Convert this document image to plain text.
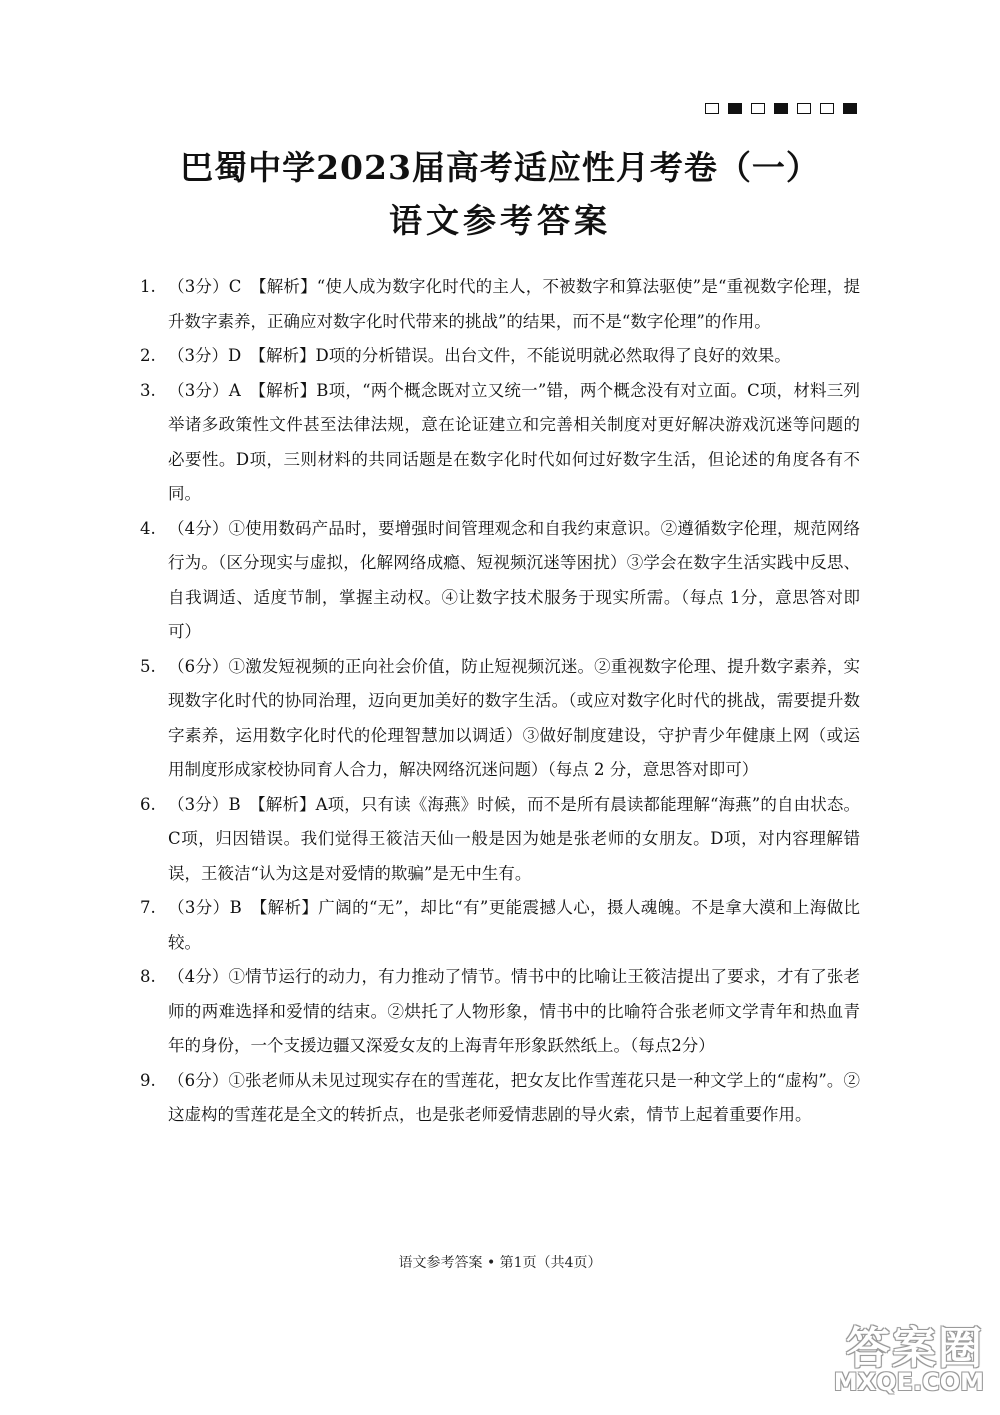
巴蜀中学2023届高考适应性月考卷（一）
语文参考答案
1. （3分）C　【解析】“使人成为数字化时代的主人，不被数字和算法驱使”是“重视数字伦理，提升数字素养，正确应对数字化时代带来的挑战”的结果，而不是“数字伦理”的作用。
2. （3分）D　【解析】D项的分析错误。出台文件，不能说明就必然取得了良好的效果。
3. （3分）A　【解析】B项，“两个概念既对立又统一”错，两个概念没有对立面。C项，材料三列举诸多政策性文件甚至法律法规，意在论证建立和完善相关制度对更好解决游戏沉迷等问题的必要性。D项，三则材料的共同话题是在数字化时代如何过好数字生活，但论述的角度各有不同。
4. （4分）①使用数码产品时，要增强时间管理观念和自我约束意识。②遵循数字伦理，规范网络行为。（区分现实与虚拟，化解网络成瘾、短视频沉迷等困扰）③学会在数字生活实践中反思、自我调适、适度节制，掌握主动权。④让数字技术服务于现实所需。（每点 1分，意思答对即可）
5. （6分）①激发短视频的正向社会价值，防止短视频沉迷。②重视数字伦理、提升数字素养，实现数字化时代的协同治理，迈向更加美好的数字生活。（或应对数字化时代的挑战，需要提升数字素养，运用数字化时代的伦理智慧加以调适）③做好制度建设，守护青少年健康上网（或运用制度形成家校协同育人合力，解决网络沉迷问题）（每点 2 分，意思答对即可）
6. （3分）B　【解析】A项，只有读《海燕》时候，而不是所有晨读都能理解“海燕”的自由状态。C项，归因错误。我们觉得王筱洁天仙一般是因为她是张老师的女朋友。D项，对内容理解错误，王筱洁“认为这是对爱情的欺骗”是无中生有。
7. （3分）B　【解析】广阔的“无”，却比“有”更能震撼人心，摄人魂魄。不是拿大漠和上海做比较。
8. （4分）①情节运行的动力，有力推动了情节。情书中的比喻让王筱洁提出了要求，才有了张老师的两难选择和爱情的结束。②烘托了人物形象，情书中的比喻符合张老师文学青年和热血青年的身份，一个支援边疆又深爱女友的上海青年形象跃然纸上。（每点2分）
9. （6分）①张老师从未见过现实存在的雪莲花，把女友比作雪莲花只是一种文学上的“虚构”。②这虚构的雪莲花是全文的转折点，也是张老师爱情悲剧的导火索，情节上起着重要作用。
语文参考答案 • 第1页（共4页）
答案圈
MXQE.COM
